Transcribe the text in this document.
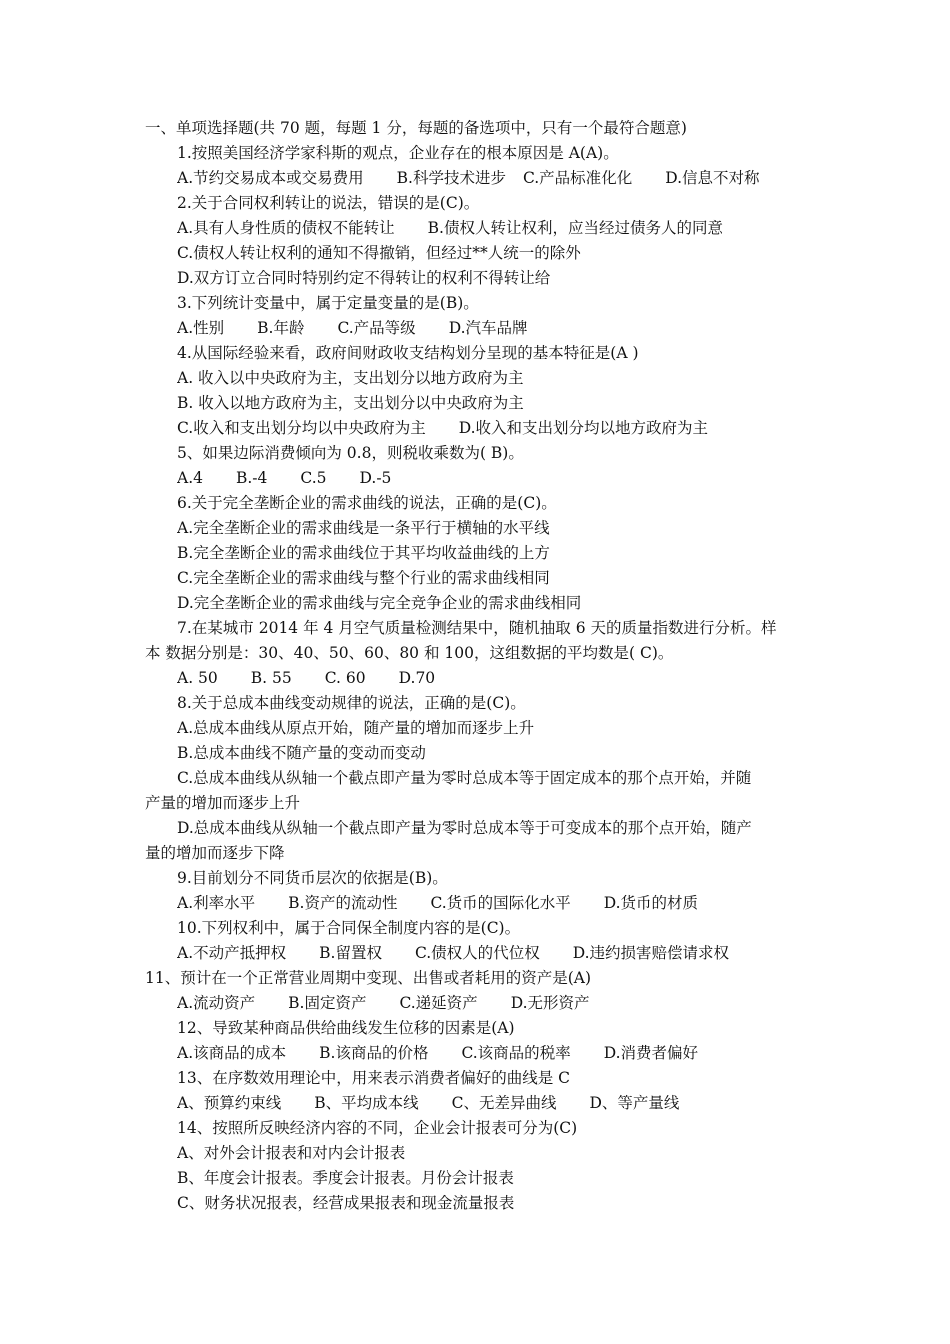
一、单项选择题(共 70 题，每题 1 分，每题的备选项中，只有一个最符合题意)
1.按照美国经济学家科斯的观点，企业存在的根本原因是 A(A)。
A.节约交易成本或交易费用 B.科学技术进步 C.产品标准化化 D.信息不对称
2.关于合同权利转让的说法，错误的是(C)。
A.具有人身性质的债权不能转让 B.债权人转让权利，应当经过债务人的同意
C.债权人转让权利的通知不得撤销，但经过**人统一的除外
D.双方订立合同时特别约定不得转让的权利不得转让给
3.下列统计变量中，属于定量变量的是(B)。
A.性别 B.年龄 C.产品等级 D.汽车品牌
4.从国际经验来看，政府间财政收支结构划分呈现的基本特征是(A )
A. 收入以中央政府为主，支出划分以地方政府为主
B. 收入以地方政府为主，支出划分以中央政府为主
C.收入和支出划分均以中央政府为主 D.收入和支出划分均以地方政府为主
5、如果边际消费倾向为 0.8，则税收乘数为( B)。
A.4 B.-4 C.5 D.-5
6.关于完全垄断企业的需求曲线的说法，正确的是(C)。
A.完全垄断企业的需求曲线是一条平行于横轴的水平线
B.完全垄断企业的需求曲线位于其平均收益曲线的上方
C.完全垄断企业的需求曲线与整个行业的需求曲线相同
D.完全垄断企业的需求曲线与完全竞争企业的需求曲线相同
7.在某城市 2014 年 4 月空气质量检测结果中，随机抽取 6 天的质量指数进行分析。样
本 数据分别是：30、40、50、60、80 和 100，这组数据的平均数是( C)。
A. 50 B. 55 C. 60 D.70
8.关于总成本曲线变动规律的说法，正确的是(C)。
A.总成本曲线从原点开始，随产量的增加而逐步上升
B.总成本曲线不随产量的变动而变动
C.总成本曲线从纵轴一个截点即产量为零时总成本等于固定成本的那个点开始，并随
产量的增加而逐步上升
D.总成本曲线从纵轴一个截点即产量为零时总成本等于可变成本的那个点开始，随产
量的增加而逐步下降
9.目前划分不同货币层次的依据是(B)。
A.利率水平 B.资产的流动性 C.货币的国际化水平 D.货币的材质
10.下列权利中，属于合同保全制度内容的是(C)。
A.不动产抵押权 B.留置权 C.债权人的代位权 D.违约损害赔偿请求权
11、预计在一个正常营业周期中变现、出售或者耗用的资产是(A)
A.流动资产 B.固定资产 C.递延资产 D.无形资产
12、导致某种商品供给曲线发生位移的因素是(A)
A.该商品的成本 B.该商品的价格 C.该商品的税率 D.消费者偏好
13、在序数效用理论中，用来表示消费者偏好的曲线是 C
A、预算约束线 B、平均成本线 C、无差异曲线 D、等产量线
14、按照所反映经济内容的不同，企业会计报表可分为(C)
A、对外会计报表和对内会计报表
B、年度会计报表。季度会计报表。月份会计报表
C、财务状况报表，经营成果报表和现金流量报表
